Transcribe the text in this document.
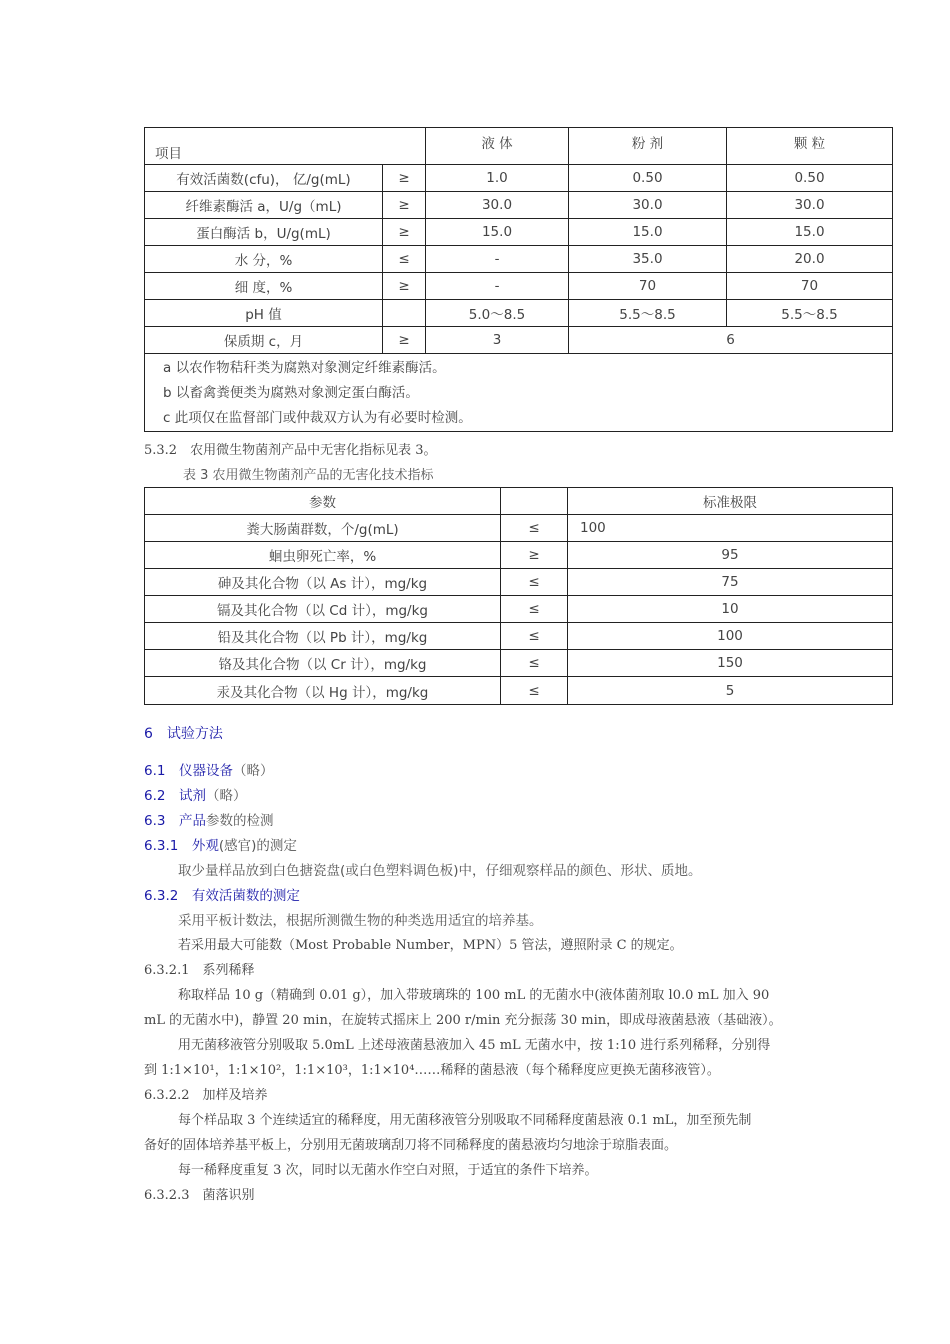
项目		液 体	粉 剂	颗 粒
有效活菌数(cfu)， 亿/g(mL)	≥	1.0	0.50	0.50
纤维素酶活 a，U/g（mL)	≥	30.0	30.0	30.0
蛋白酶活 b，U/g(mL)	≥	15.0	15.0	15.0
水 分，%	≤	-	35.0	20.0
细 度，%	≥	-	70	70
pH 值		5.0～8.5	5.5～8.5	5.5～8.5
保质期 c，月	≥	3	6	

a 以农作物秸秆类为腐熟对象测定纤维素酶活。
b 以畜禽粪便类为腐熟对象测定蛋白酶活。
c 此项仅在监督部门或仲裁双方认为有必要时检测。				
5.3.2　农用微生物菌剂产品中无害化指标见表 3。
表 3 农用微生物菌剂产品的无害化技术指标
参数		标准极限
粪大肠菌群数，个/g(mL)	≤	100
蛔虫卵死亡率，%	≥	95
砷及其化合物（以 As 计），mg/kg	≤	75
镉及其化合物（以 Cd 计），mg/kg	≤	10
铅及其化合物（以 Pb 计），mg/kg	≤	100
铬及其化合物（以 Cr 计），mg/kg	≤	150
汞及其化合物（以 Hg 计），mg/kg	≤	5
6　试验方法
6.1　仪器设备（略）
6.2　试剂（略）
6.3　产品参数的检测
6.3.1　外观(感官)的测定
取少量样品放到白色搪瓷盘(或白色塑料调色板)中，仔细观察样品的颜色、形状、质地。
6.3.2　有效活菌数的测定
采用平板计数法，根据所测微生物的种类选用适宜的培养基。
若采用最大可能数（Most Probable Number，MPN）5 管法，遵照附录 C 的规定。
6.3.2.1　系列稀释
称取样品 10 g（精确到 0.01 g），加入带玻璃珠的 100 mL 的无菌水中(液体菌剂取 l0.0 mL 加入 90
mL 的无菌水中)，静置 20 min，在旋转式摇床上 200 r/min 充分振荡 30 min，即成母液菌悬液（基础液）。
用无菌移液管分别吸取 5.0mL 上述母液菌悬液加入 45 mL 无菌水中，按 1:10 进行系列稀释，分别得
到 1:1×10¹，1:1×10²，1:1×10³，1:1×10⁴……稀释的菌悬液（每个稀释度应更换无菌移液管）。
6.3.2.2　加样及培养
每个样品取 3 个连续适宜的稀释度，用无菌移液管分别吸取不同稀释度菌悬液 0.1 mL，加至预先制
备好的固体培养基平板上，分别用无菌玻璃刮刀将不同稀释度的菌悬液均匀地涂于琼脂表面。
每一稀释度重复 3 次，同时以无菌水作空白对照，于适宜的条件下培养。
6.3.2.3　菌落识别
